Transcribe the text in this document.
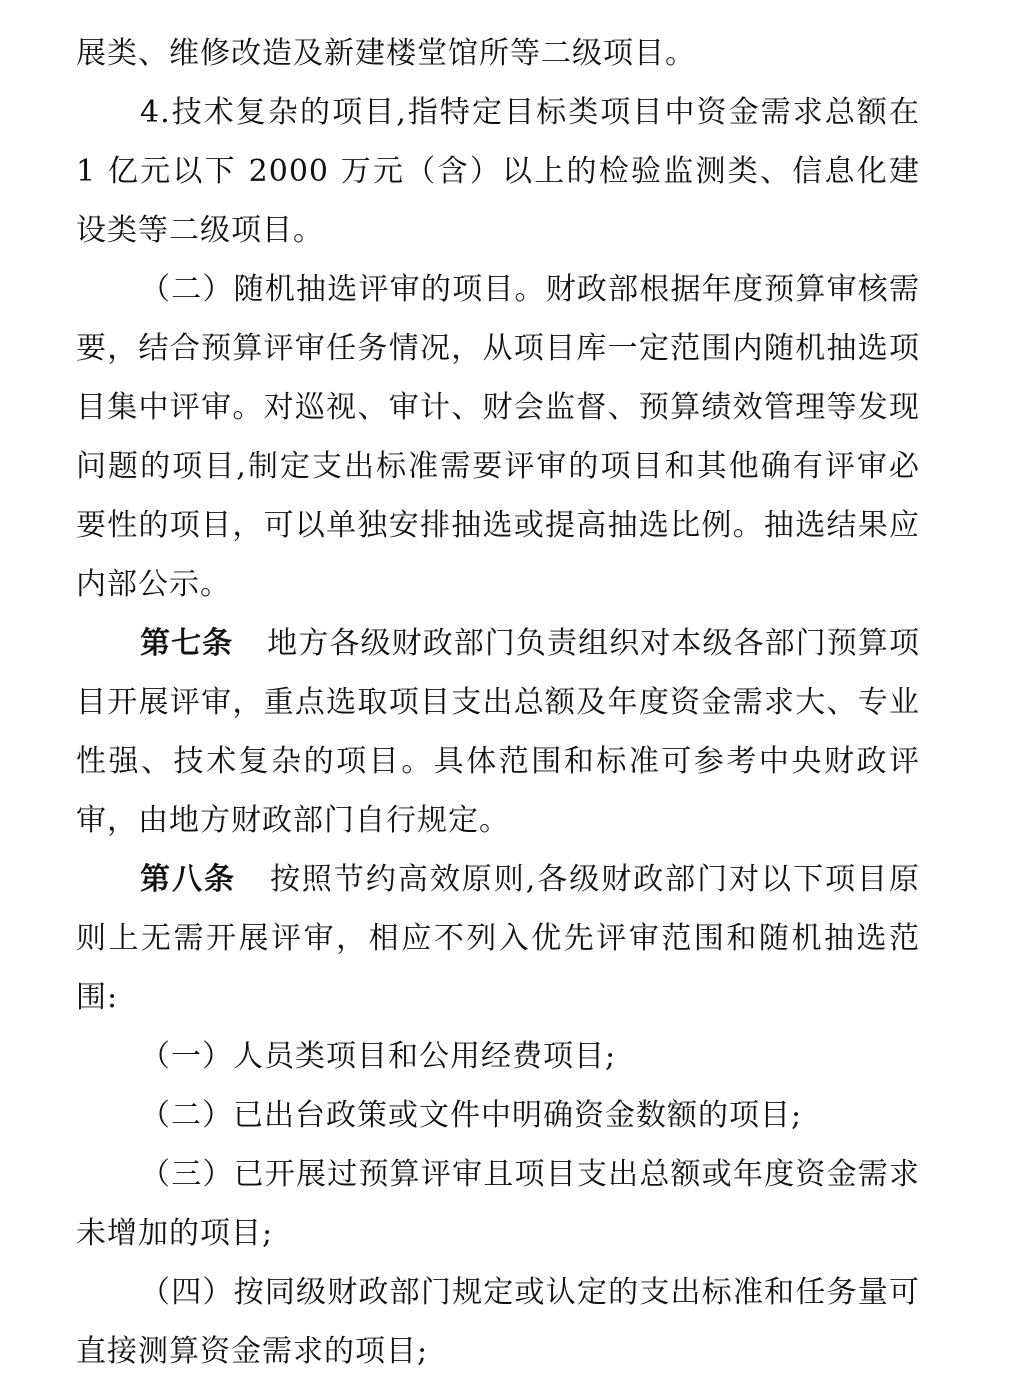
展类、维修改造及新建楼堂馆所等二级项目。

4.技术复杂的项目,指特定目标类项目中资金需求总额在 1 亿元以下 2000 万元（含）以上的检验监测类、信息化建设类等二级项目。

（二）随机抽选评审的项目。财政部根据年度预算审核需要，结合预算评审任务情况，从项目库一定范围内随机抽选项目集中评审。对巡视、审计、财会监督、预算绩效管理等发现问题的项目,制定支出标准需要评审的项目和其他确有评审必要性的项目，可以单独安排抽选或提高抽选比例。抽选结果应内部公示。

第七条 地方各级财政部门负责组织对本级各部门预算项目开展评审，重点选取项目支出总额及年度资金需求大、专业性强、技术复杂的项目。具体范围和标准可参考中央财政评审，由地方财政部门自行规定。

第八条 按照节约高效原则,各级财政部门对以下项目原则上无需开展评审，相应不列入优先评审范围和随机抽选范围:

（一）人员类项目和公用经费项目;

（二）已出台政策或文件中明确资金数额的项目;

（三）已开展过预算评审且项目支出总额或年度资金需求未增加的项目;

（四）按同级财政部门规定或认定的支出标准和任务量可直接测算资金需求的项目;
